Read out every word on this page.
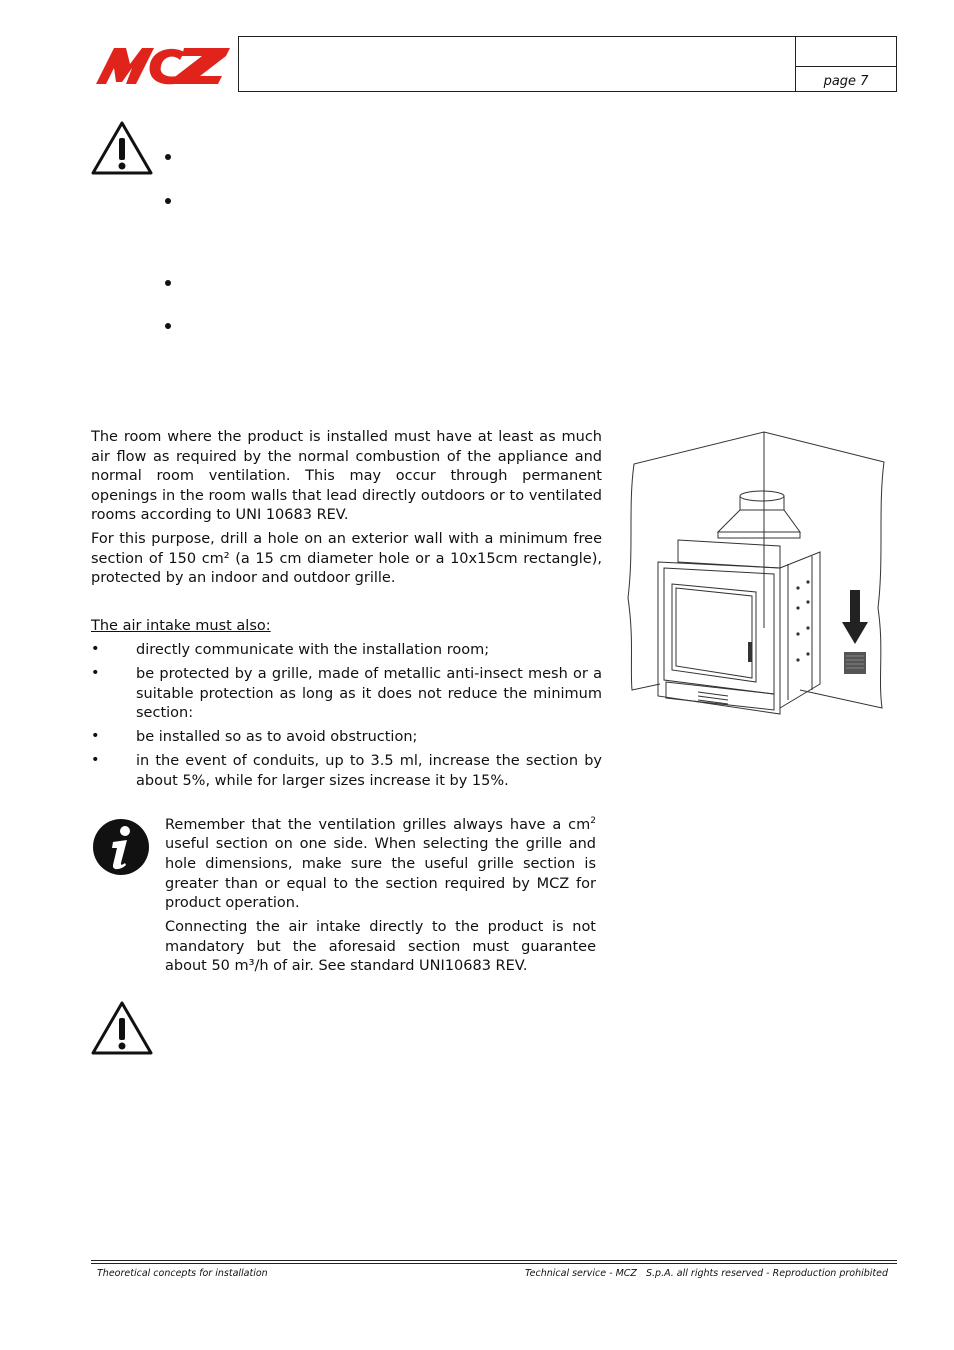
page 7
The room where the product is installed must have at least as much air flow as required by the normal combustion of the appliance and normal room ventilation. This may occur through permanent openings in the room walls that lead directly outdoors or to ventilated rooms according to UNI 10683 REV.
For this purpose, drill a hole on an exterior wall with a minimum free section of 150 cm² (a 15 cm diameter hole or a 10x15cm rectangle), protected by an indoor and outdoor grille.
The air intake must also:
•	directly communicate with the installation room;
•	be protected by a grille, made of metallic anti-insect mesh or a suitable protection as long as it does not reduce the minimum section:
•	be installed so as to avoid obstruction;
•	in the event of conduits, up to 3.5 ml, increase the section by about 5%, while for larger sizes increase it by 15%.
Remember that the ventilation grilles always have a $cm^2$ useful section on one side. When selecting the grille and hole dimensions, make sure the useful grille section is greater than or equal to the section required by MCZ for product operation.
Connecting the air intake directly to the product is not mandatory but the aforesaid section must guarantee about 50 m³/h of air. See standard UNI10683 REV.
Theoretical concepts for installation	Technical service - MCZ   S.p.A. all rights reserved - Reproduction prohibited
